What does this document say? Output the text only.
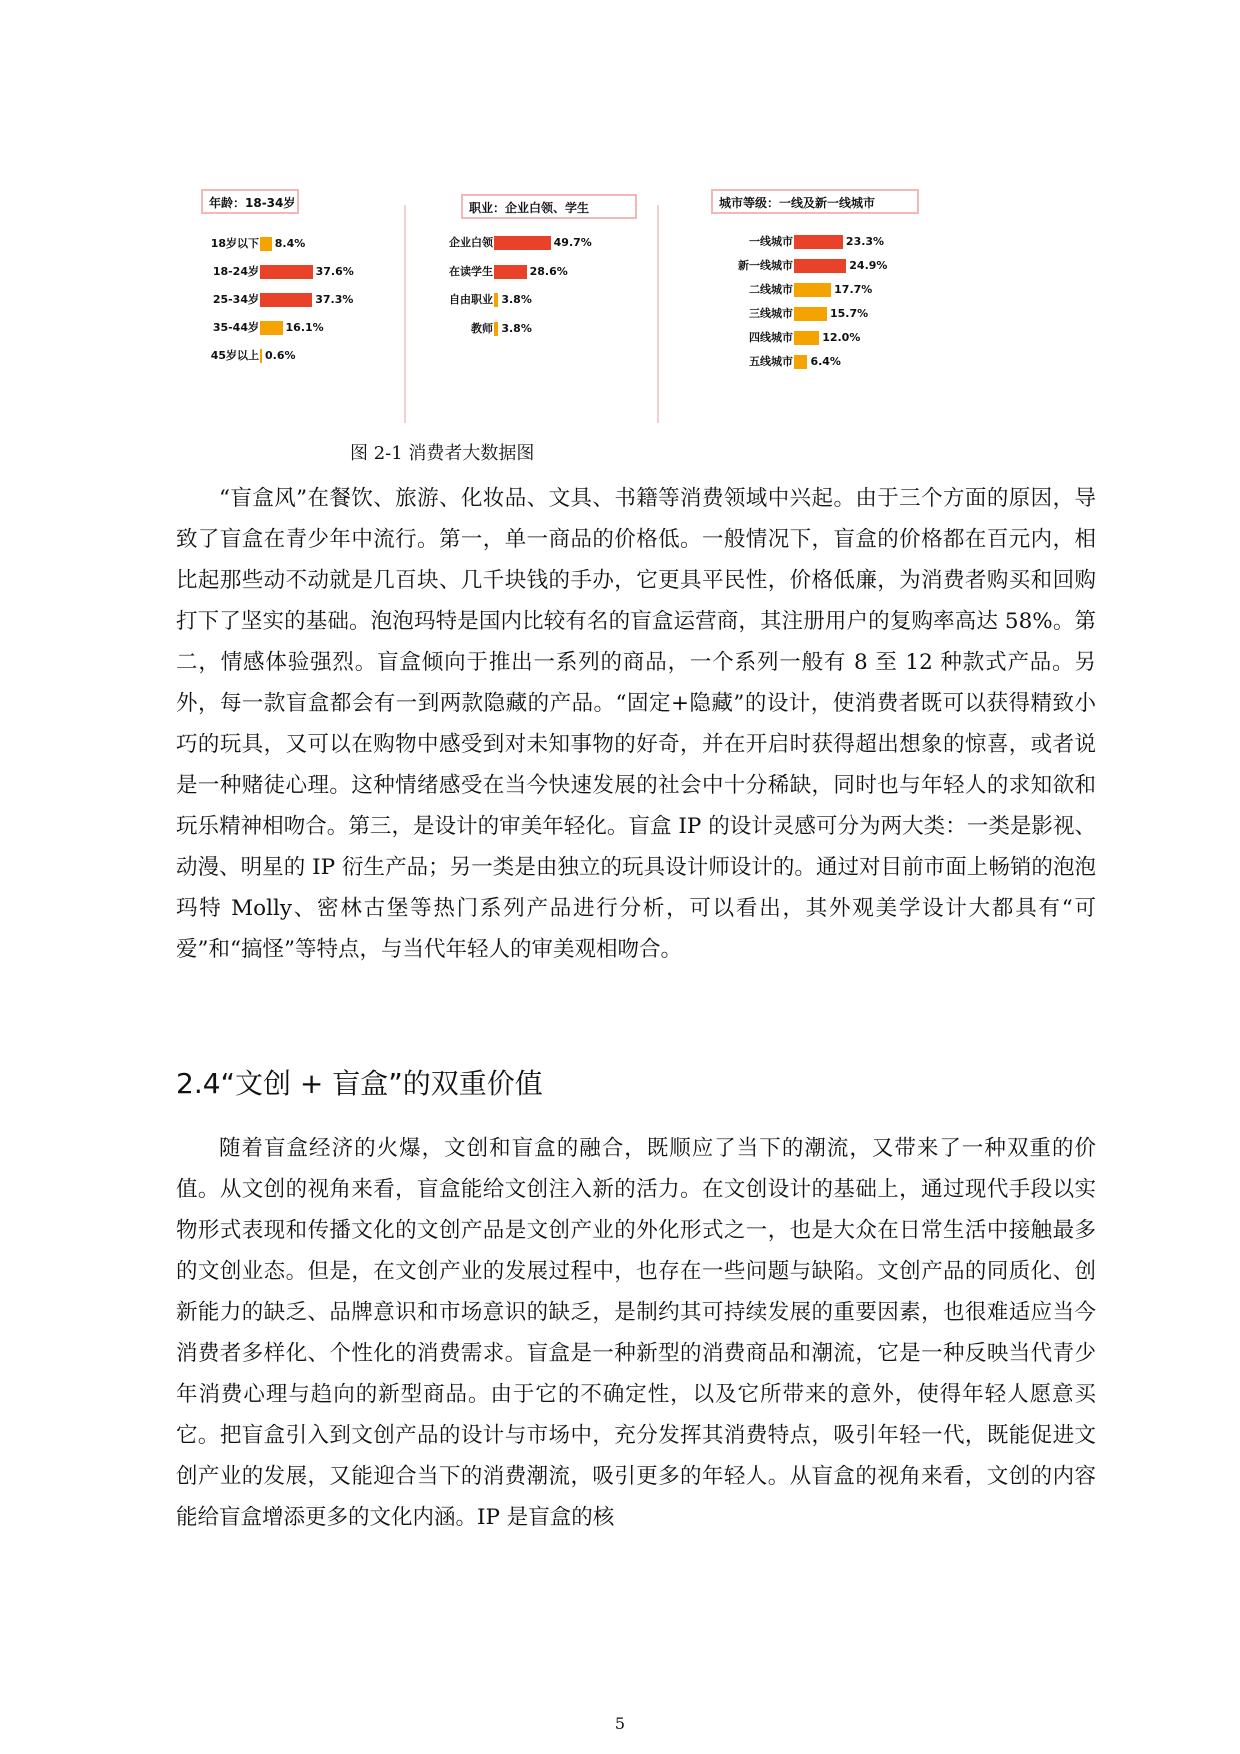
年龄：18-34岁
18岁以下 8.4%
18-24岁	37.6%
25-34岁	37.3%
35-44岁 16.1%
45岁以上 0.6%
职业：企业白领、学生
企业白领	49.7%
在读学生	28.6%
自由职业 3.8%
教师 3.8%
城市等级：一线及新一线城市
一线城市	23.3%
新一线城市	24.9%
二线城市	17.7%
三线城市	15.7%
四线城市	12.0%
五线城市 6.4%
图 2-1 消费者大数据图

“盲盒风”在餐饮、旅游、化妆品、文具、书籍等消费领域中兴起。由于三个方面的原因，导致了盲盒在青少年中流行。第一，单一商品的价格低。一般情况下，盲盒的价格都在百元内，相比起那些动不动就是几百块、几千块钱的手办，它更具平民性，价格低廉，为消费者购买和回购打下了坚实的基础。泡泡玛特是国内比较有名的盲盒运营商，其注册用户的复购率高达 58%。第二，情感体验强烈。盲盒倾向于推出一系列的商品，一个系列一般有 8 至 12 种款式产品。另外，每一款盲盒都会有一到两款隐藏的产品。“固定+隐藏”的设计，使消费者既可以获得精致小巧的玩具，又可以在购物中感受到对未知事物的好奇，并在开启时获得超出想象的惊喜，或者说是一种赌徒心理。这种情绪感受在当今快速发展的社会中十分稀缺，同时也与年轻人的求知欲和玩乐精神相吻合。第三，是设计的审美年轻化。盲盒 IP 的设计灵感可分为两大类：一类是影视、动漫、明星的 IP 衍生产品；另一类是由独立的玩具设计师设计的。通过对目前市面上畅销的泡泡玛特 Molly、密林古堡等热门系列产品进行分析，可以看出，其外观美学设计大都具有“可爱”和“搞怪”等特点，与当代年轻人的审美观相吻合。

2.4“文创 + 盲盒”的双重价值

随着盲盒经济的火爆，文创和盲盒的融合，既顺应了当下的潮流，又带来了一种双重的价值。从文创的视角来看，盲盒能给文创注入新的活力。在文创设计的基础上，通过现代手段以实物形式表现和传播文化的文创产品是文创产业的外化形式之一，也是大众在日常生活中接触最多的文创业态。但是，在文创产业的发展过程中，也存在一些问题与缺陷。文创产品的同质化、创新能力的缺乏、品牌意识和市场意识的缺乏，是制约其可持续发展的重要因素，也很难适应当今消费者多样化、个性化的消费需求。盲盒是一种新型的消费商品和潮流，它是一种反映当代青少年消费心理与趋向的新型商品。由于它的不确定性，以及它所带来的意外，使得年轻人愿意买它。把盲盒引入到文创产品的设计与市场中，充分发挥其消费特点，吸引年轻一代，既能促进文创产业的发展，又能迎合当下的消费潮流，吸引更多的年轻人。从盲盒的视角来看，文创的内容能给盲盒增添更多的文化内涵。IP 是盲盒的核

5
